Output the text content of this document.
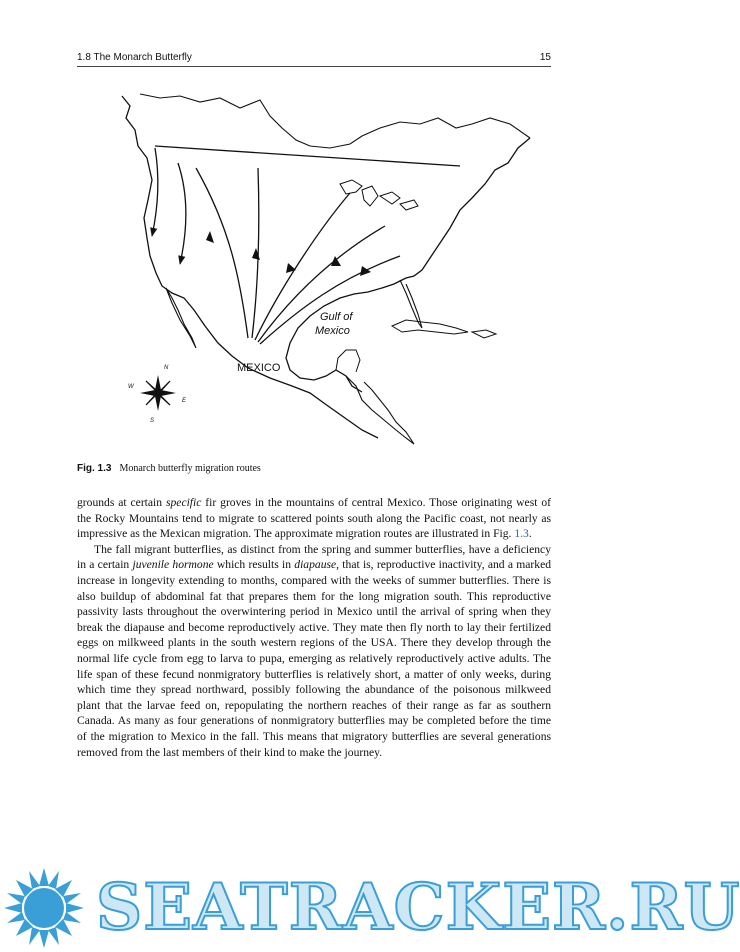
1.8 The Monarch Butterfly	15
Gulf of
Mexico
MEXICO
N
S
E
W
Fig. 1.3 Monarch butterfly migration routes

grounds at certain specific fir groves in the mountains of central Mexico. Those originating west of the Rocky Mountains tend to migrate to scattered points south along the Pacific coast, not nearly as impressive as the Mexican migration. The approximate migration routes are illustrated in Fig. 1.3.

The fall migrant butterflies, as distinct from the spring and summer butterflies, have a deficiency in a certain juvenile hormone which results in diapause, that is, reproductive inactivity, and a marked increase in longevity extending to months, compared with the weeks of summer butterflies. There is also buildup of abdominal fat that prepares them for the long migration south. This reproductive passivity lasts throughout the overwintering period in Mexico until the arrival of spring when they break the diapause and become reproductively active. They mate then fly north to lay their fertilized eggs on milkweed plants in the south western regions of the USA. There they develop through the normal life cycle from egg to larva to pupa, emerging as relatively reproductively active adults. The life span of these fecund nonmigratory butterflies is relatively short, a matter of only weeks, during which time they spread northward, possibly following the abundance of the poisonous milkweed plant that the larvae feed on, repopulating the northern reaches of their range as far as southern Canada. As many as four generations of nonmigratory butterflies may be completed before the time of the migration to Mexico in the fall. This means that migratory butterflies are several generations removed from the last members of their kind to make the journey.

SEATRACKER.RU
